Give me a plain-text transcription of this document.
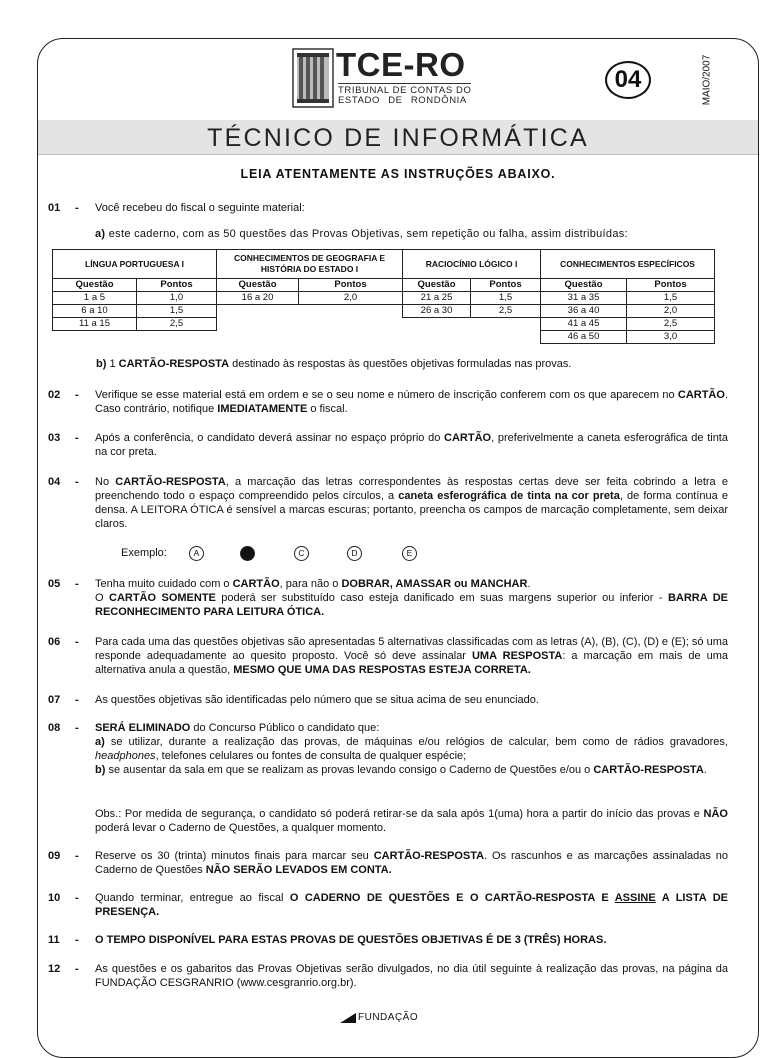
TCE-RO
TRIBUNAL DE CONTAS DO
ESTADO DE RONDÔNIA
04	MAIO/2007
TÉCNICO DE INFORMÁTICA
LEIA ATENTAMENTE AS INSTRUÇÕES ABAIXO.
01 - Você recebeu do fiscal o seguinte material:
a) este caderno, com as 50 questões das Provas Objetivas, sem repetição ou falha, assim distribuídas:
LÍNGUA PORTUGUESA I		CONHECIMENTOS DE GEOGRAFIA E HISTÓRIA DO ESTADO I		RACIOCÍNIO LÓGICO I		CONHECIMENTOS ESPECÍFICOS	
Questão	Pontos	Questão	Pontos	Questão	Pontos	Questão	Pontos
1 a 5	1,0	16 a 20	2,0	21 a 25	1,5	31 a 35	1,5
6 a 10	1,5			26 a 30	2,5	36 a 40	2,0
11 a 15	2,5					41 a 45	2,5
						46 a 50	3,0
b) 1 CARTÃO-RESPOSTA destinado às respostas às questões objetivas formuladas nas provas.
02 - Verifique se esse material está em ordem e se o seu nome e número de inscrição conferem com os que aparecem no CARTÃO. Caso contrário, notifique IMEDIATAMENTE o fiscal.
03 - Após a conferência, o candidato deverá assinar no espaço próprio do CARTÃO, preferivelmente a caneta esferográfica de tinta na cor preta.
04 - No CARTÃO-RESPOSTA, a marcação das letras correspondentes às respostas certas deve ser feita cobrindo a letra e preenchendo todo o espaço compreendido pelos círculos, a caneta esferográfica de tinta na cor preta, de forma contínua e densa. A LEITORA ÓTICA é sensível a marcas escuras; portanto, preencha os campos de marcação completamente, sem deixar claros.
Exemplo:	A	C	D	E
05 - Tenha muito cuidado com o CARTÃO, para não o DOBRAR, AMASSAR ou MANCHAR.
O CARTÃO SOMENTE poderá ser substituído caso esteja danificado em suas margens superior ou inferior - BARRA DE RECONHECIMENTO PARA LEITURA ÓTICA.
06 - Para cada uma das questões objetivas são apresentadas 5 alternativas classificadas com as letras (A), (B), (C), (D) e (E); só uma responde adequadamente ao quesito proposto. Você só deve assinalar UMA RESPOSTA: a marcação em mais de uma alternativa anula a questão, MESMO QUE UMA DAS RESPOSTAS ESTEJA CORRETA.
07 - As questões objetivas são identificadas pelo número que se situa acima de seu enunciado.
08 - SERÁ ELIMINADO do Concurso Público o candidato que:
a) se utilizar, durante a realização das provas, de máquinas e/ou relógios de calcular, bem como de rádios gravadores, headphones, telefones celulares ou fontes de consulta de qualquer espécie;
b) se ausentar da sala em que se realizam as provas levando consigo o Caderno de Questões e/ou o CARTÃO-RESPOSTA.
Obs.: Por medida de segurança, o candidato só poderá retirar-se da sala após 1(uma) hora a partir do início das provas e NÃO poderá levar o Caderno de Questões, a qualquer momento.
09 - Reserve os 30 (trinta) minutos finais para marcar seu CARTÃO-RESPOSTA. Os rascunhos e as marcações assinaladas no Caderno de Questões NÃO SERÃO LEVADOS EM CONTA.
10 - Quando terminar, entregue ao fiscal O CADERNO DE QUESTÕES E O CARTÃO-RESPOSTA E ASSINE A LISTA DE PRESENÇA.
11 - O TEMPO DISPONÍVEL PARA ESTAS PROVAS DE QUESTÕES OBJETIVAS É DE 3 (TRÊS) HORAS.
12 - As questões e os gabaritos das Provas Objetivas serão divulgados, no dia útil seguinte à realização das provas, na página da FUNDAÇÃO CESGRANRIO (www.cesgranrio.org.br).
FUNDAÇÃO
